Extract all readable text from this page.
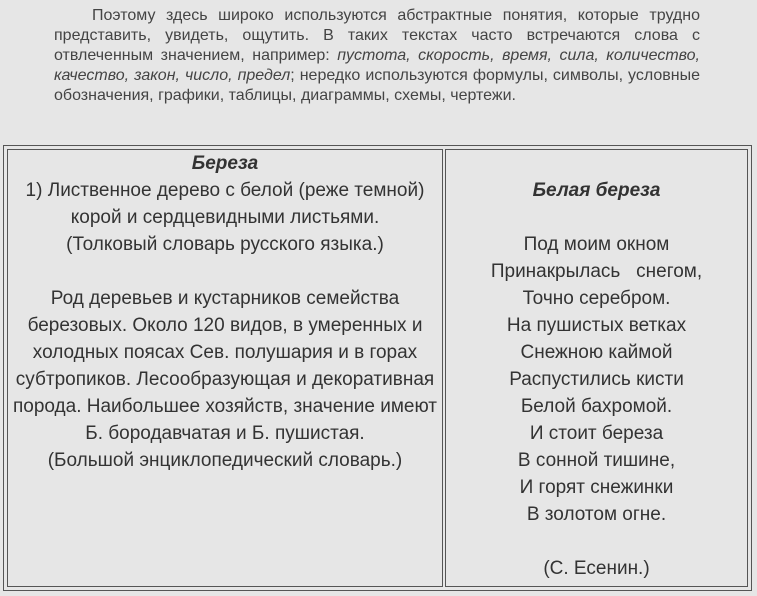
Поэтому здесь широко используются абстрактные понятия, которые трудно представить, увидеть, ощутить. В таких текстах часто встречаются слова с отвлеченным значением, например: пустота, скорость, время, сила, количество, качество, закон, число, предел; нередко используются формулы, символы, условные обозначения, графики, таблицы, диаграммы, схемы, чертежи.
Береза

1) Лиственное дерево с белой (реже темной) корой и сердцевидными листьями.

(Толковый словарь русского языка.)

Род деревьев и кустарников семейства березовых. Около 120 видов, в умеренных и холодных поясах Сев. полушария и в горах субтропиков. Лесообразующая и декоративная порода. Наибольшее хозяйств, значение имеют Б. бородавчатая и Б. пушистая.

(Большой энциклопедический словарь.)

Белая береза
Под моим окном
Принакрылась   снегом,
Точно серебром.
На пушистых ветках
Снежною каймой
Распустились кисти
Белой бахромой.
И стоит береза
В сонной тишине,
И горят снежинки
В золотом огне.

(С. Есенин.)
